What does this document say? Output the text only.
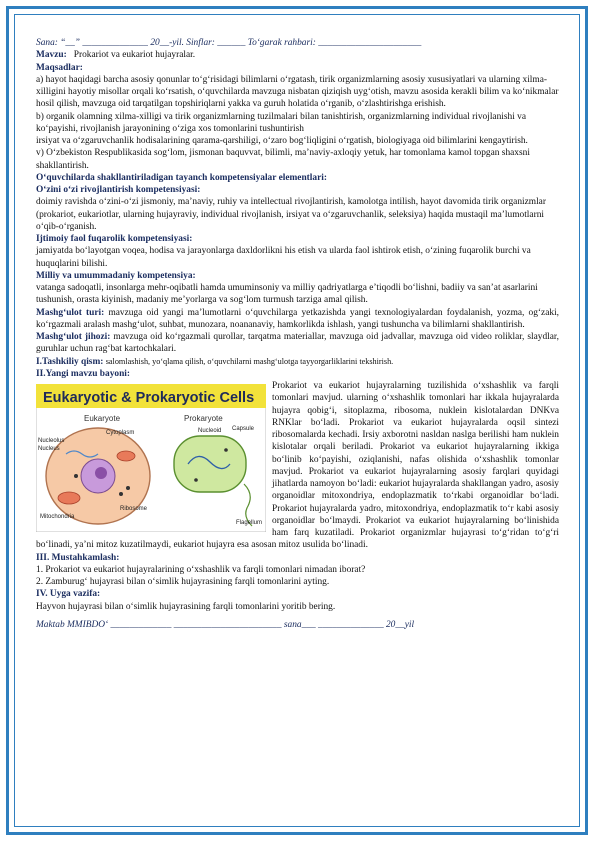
Sana: “__” ______________ 20__-yil. Sinflar: ______ To‘garak rahbari: ______________________

Mavzu: Prokariot va eukariot hujayralar.

Maqsadlar:

a) hayot haqidagi barcha asosiy qonunlar to‘g‘risidagi bilimlarni o‘rgatash, tirik organizmlarning asosiy xususiyatlari va ularning xilma-xilligini hayotiy misollar orqali ko‘rsatish, o‘quvchilarda mavzuga nisbatan qiziqish uyg‘otish, mavzu asosida kerakli bilim va ko‘nikmalar hosil qilish, mavzuga oid tarqatilgan topshiriqlarni yakka va guruh holatida o‘rganib, o‘zlashtirishga erishish.

b) organik olamning xilma-xilligi va tirik organizmlarning tuzilmalari bilan tanishtirish, organizmlarning individual rivojlanishi va ko‘payishi, rivojlanish jarayonining o‘ziga xos tomonlarini tushuntirish

irsiyat va o‘zgaruvchanlik hodisalarining qarama-qarshiligi, o‘zaro bog‘liqligini o‘rgatish, biologiyaga oid bilimlarini kengaytirish.

v) O‘zbekiston Respublikasida sog‘lom, jismonan baquvvat, bilimli, ma’naviy-axloqiy yetuk, har tomonlama kamol topgan shaxsni shakllantirish.

O‘quvchilarda shakllantiriladigan tayanch kompetensiyalar elementlari:

O‘zini o‘zi rivojlantirish kompetensiyasi:

doimiy ravishda o‘zini-o‘zi jismoniy, ma’naviy, ruhiy va intellectual rivojlantirish, kamolotga intilish, hayot davomida tirik organizmlar (prokariot, eukariotlar, ularning hujayraviy, individual rivojlanish, irsiyat va o‘zgaruvchanlik, seleksiya) haqida mustaqil ma’lumotlarni o‘qib-o‘rganish.

Ijtimoiy faol fuqarolik kompetensiyasi:

jamiyatda bo‘layotgan voqea, hodisa va jarayonlarga daxldorlikni his etish va ularda faol ishtirok etish, o‘zining fuqarolik burchi va huquqlarini bilishi.

Milliy va umummadaniy kompetensiya:

vatanga sadoqatli, insonlarga mehr-oqibatli hamda umuminsoniy va milliy qadriyatlarga e’tiqodli bo‘lishni, badiiy va san’at asarlarini tushunish, orasta kiyinish, madaniy me’yorlarga va sog‘lom turmush tarziga amal qilish.

Mashg‘ulot turi: mavzuga oid yangi ma’lumotlarni o‘quvchilarga yetkazishda yangi texnologiyalardan foydalanish, yozma, og‘zaki, ko‘rgazmali aralash mashg‘ulot, suhbat, munozara, noananaviy, hamkorlikda ishlash, yangi tushuncha va bilimlarni shakllantirish.

Mashg‘ulot jihozi: mavzuga oid ko‘rgazmali qurollar, tarqatma materiallar, mavzuga oid jadvallar, mavzuga oid video roliklar, slaydlar, guruhlar uchun rag‘bat kartochkalari.

I.Tashkiliy qism: salomlashish, yo‘qlama qilish, o‘quvchilarni mashg‘ulotga tayyorgarliklarini tekshirish.

II.Yangi mavzu bayoni:

Eukaryotic & Prokaryotic Cells
Eukaryote	Prokaryote
Nucleus
Nucleolus
Ribosome
Mitochondria
Cytoplasm	Nucleoid Capsule
Flagellum

Prokariot va eukariot hujayralarning tuzilishida o‘xshashlik va farqli tomonlari mavjud. ularning o‘xshashlik tomonlari har ikkala hujayralarda hujayra qobig‘i, sitoplazma, ribosoma, nuklein kislotalardan DNKva RNKlar bo‘ladi. Prokariot va eukariot hujayralarda oqsil sintezi ribosomalarda kechadi. Irsiy axborotni nasldan naslga berilishi ham nuklein kislotalar orqali beriladi. Prokariot va eukariot hujayralarning ikkiga bo‘linib ko‘payishi, oziqlanishi, nafas olishida o‘xshashlik tomonlar mavjud. Prokariot va eukariot hujayralarning asosiy farqlari quyidagi jihatlarda namoyon bo‘ladi: eukariot hujayralarda shakllangan yadro, asosiy organoidlar mitoxondriya, endoplazmatik to‘rkabi organoidlar bo‘ladi. Prokariot hujayralarda yadro, mitoxondriya, endoplazmatik to‘r kabi asosiy organoidlar bo‘lmaydi. Prokariot va eukariot hujayralarning bo‘linishida ham farq kuzatiladi. Prokariot organizmlar hujayrasi to‘g‘ridan to‘g‘ri bo‘linadi, ya’ni mitoz kuzatilmaydi, eukariot hujayra esa asosan mitoz usulida bo‘linadi.

III. Mustahkamlash:

1. Prokariot va eukariot hujayralarining o‘xshashlik va farqli tomonlari nimadan iborat?

2. Zamburug‘ hujayrasi bilan o‘simlik hujayrasining farqli tomonlarini ayting.

IV. Uyga vazifa:

Hayvon hujayrasi bilan o‘simlik hujayrasining farqli tomonlarini yoritib bering.

Maktab MMIBDO‘ _____________ _______________________ sana___ ______________ 20__yil
